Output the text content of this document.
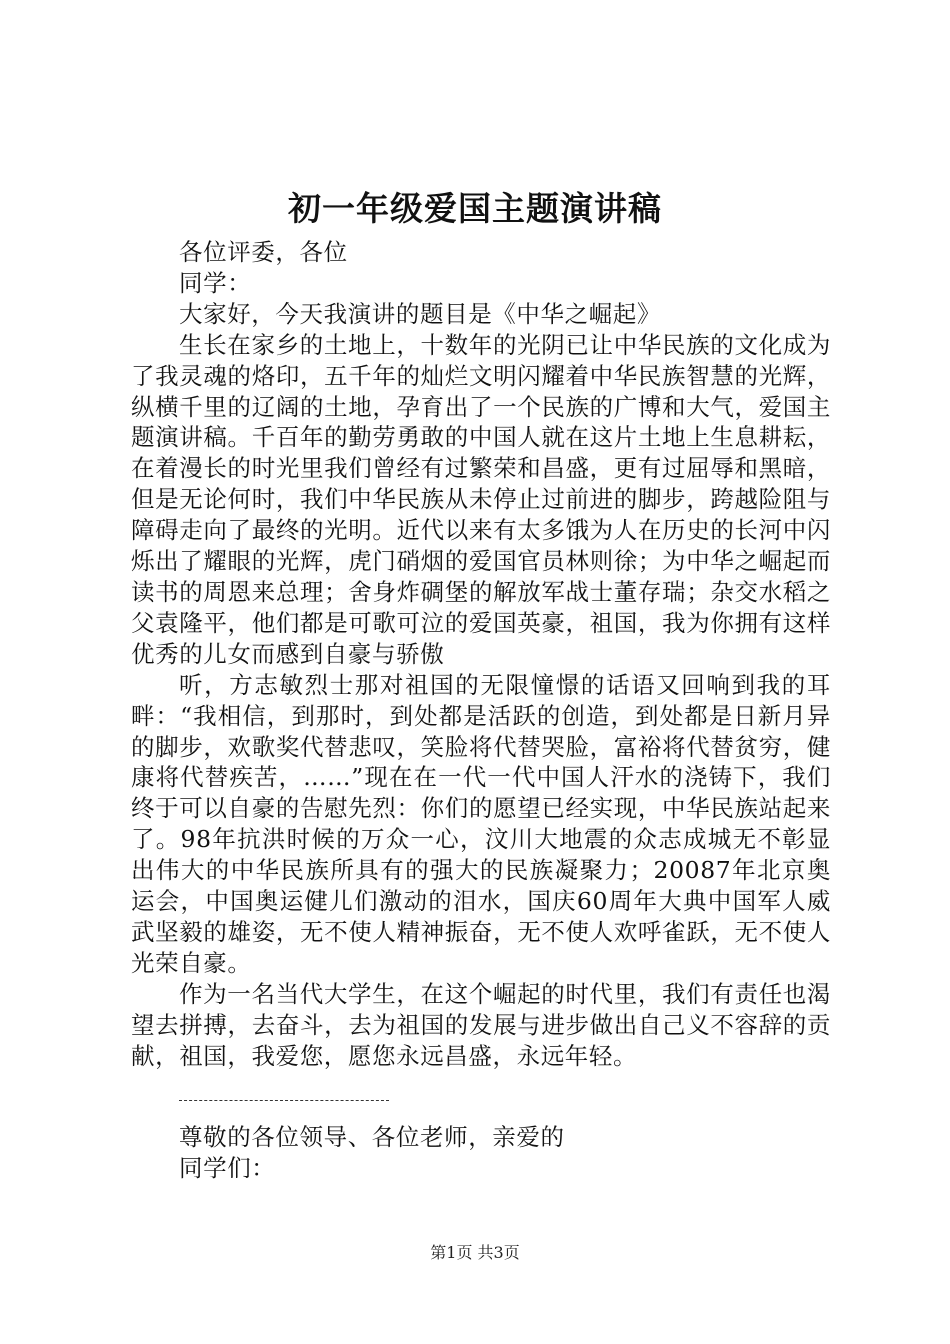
初一年级爱国主题演讲稿

各位评委，各位

同学：

大家好，今天我演讲的题目是《中华之崛起》

生长在家乡的土地上，十数年的光阴已让中华民族的文化成为了我灵魂的烙印，五千年的灿烂文明闪耀着中华民族智慧的光辉，纵横千里的辽阔的土地，孕育出了一个民族的广博和大气，爱国主题演讲稿。千百年的勤劳勇敢的中国人就在这片土地上生息耕耘，在着漫长的时光里我们曾经有过繁荣和昌盛，更有过屈辱和黑暗，但是无论何时，我们中华民族从未停止过前进的脚步，跨越险阻与障碍走向了最终的光明。近代以来有太多饿为人在历史的长河中闪烁出了耀眼的光辉，虎门硝烟的爱国官员林则徐；为中华之崛起而读书的周恩来总理；舍身炸碉堡的解放军战士董存瑞；杂交水稻之父袁隆平，他们都是可歌可泣的爱国英豪，祖国，我为你拥有这样优秀的儿女而感到自豪与骄傲

听，方志敏烈士那对祖国的无限憧憬的话语又回响到我的耳畔：“我相信，到那时，到处都是活跃的创造，到处都是日新月异的脚步，欢歌奖代替悲叹，笑脸将代替哭脸，富裕将代替贫穷，健康将代替疾苦，……”现在在一代一代中国人汗水的浇铸下，我们终于可以自豪的告慰先烈：你们的愿望已经实现，中华民族站起来了。98年抗洪时候的万众一心，汶川大地震的众志成城无不彰显出伟大的中华民族所具有的强大的民族凝聚力；20087年北京奥运会，中国奥运健儿们激动的泪水，国庆60周年大典中国军人威武坚毅的雄姿，无不使人精神振奋，无不使人欢呼雀跃，无不使人光荣自豪。

作为一名当代大学生，在这个崛起的时代里，我们有责任也渴望去拼搏，去奋斗，去为祖国的发展与进步做出自己义不容辞的贡献，祖国，我爱您，愿您永远昌盛，永远年轻。

尊敬的各位领导、各位老师，亲爱的

同学们：

第1页 共3页
